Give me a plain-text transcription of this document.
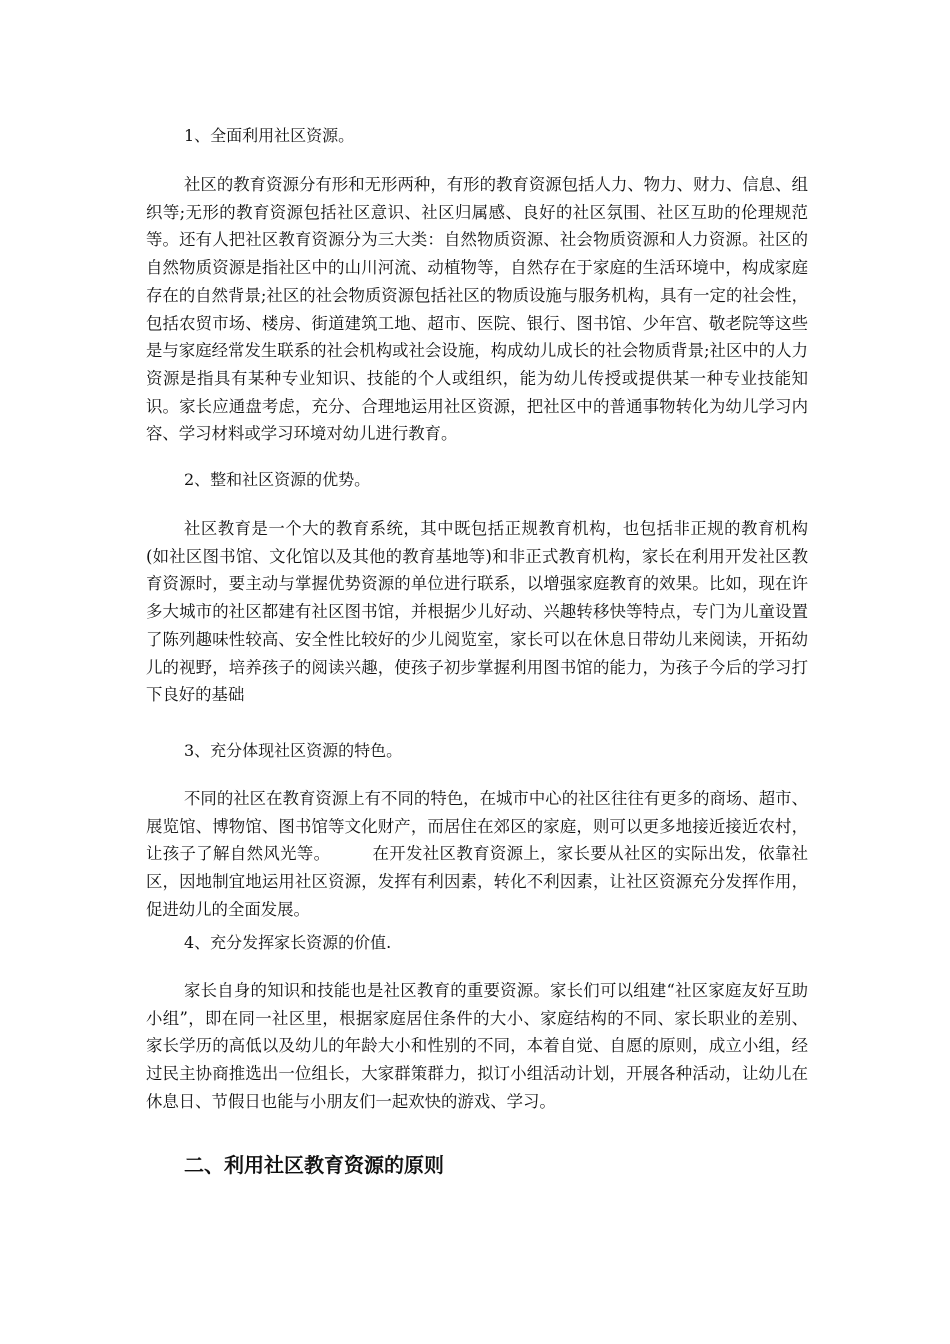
1、全面利用社区资源。
社区的教育资源分有形和无形两种，有形的教育资源包括人力、物力、财力、信息、组织等;无形的教育资源包括社区意识、社区归属感、良好的社区氛围、社区互助的伦理规范等。还有人把社区教育资源分为三大类：自然物质资源、社会物质资源和人力资源。社区的自然物质资源是指社区中的山川河流、动植物等，自然存在于家庭的生活环境中，构成家庭存在的自然背景;社区的社会物质资源包括社区的物质设施与服务机构，具有一定的社会性，包括农贸市场、楼房、街道建筑工地、超市、医院、银行、图书馆、少年宫、敬老院等这些是与家庭经常发生联系的社会机构或社会设施，构成幼儿成长的社会物质背景;社区中的人力资源是指具有某种专业知识、技能的个人或组织，能为幼儿传授或提供某一种专业技能知识。家长应通盘考虑，充分、合理地运用社区资源，把社区中的普通事物转化为幼儿学习内容、学习材料或学习环境对幼儿进行教育。
2、整和社区资源的优势。
社区教育是一个大的教育系统，其中既包括正规教育机构，也包括非正规的教育机构(如社区图书馆、文化馆以及其他的教育基地等)和非正式教育机构，家长在利用开发社区教育资源时，要主动与掌握优势资源的单位进行联系，以增强家庭教育的效果。比如，现在许多大城市的社区都建有社区图书馆，并根据少儿好动、兴趣转移快等特点，专门为儿童设置了陈列趣味性较高、安全性比较好的少儿阅览室，家长可以在休息日带幼儿来阅读，开拓幼儿的视野，培养孩子的阅读兴趣，使孩子初步掌握利用图书馆的能力，为孩子今后的学习打下良好的基础
3、充分体现社区资源的特色。
不同的社区在教育资源上有不同的特色，在城市中心的社区往往有更多的商场、超市、展览馆、博物馆、图书馆等文化财产，而居住在郊区的家庭，则可以更多地接近接近农村，让孩子了解自然风光等。　　　在开发社区教育资源上，家长要从社区的实际出发，依靠社区，因地制宜地运用社区资源，发挥有利因素，转化不利因素，让社区资源充分发挥作用，促进幼儿的全面发展。
4、充分发挥家长资源的价值.
家长自身的知识和技能也是社区教育的重要资源。家长们可以组建“社区家庭友好互助小组”，即在同一社区里，根据家庭居住条件的大小、家庭结构的不同、家长职业的差别、家长学历的高低以及幼儿的年龄大小和性别的不同，本着自觉、自愿的原则，成立小组，经过民主协商推选出一位组长，大家群策群力，拟订小组活动计划，开展各种活动，让幼儿在休息日、节假日也能与小朋友们一起欢快的游戏、学习。
二、利用社区教育资源的原则
